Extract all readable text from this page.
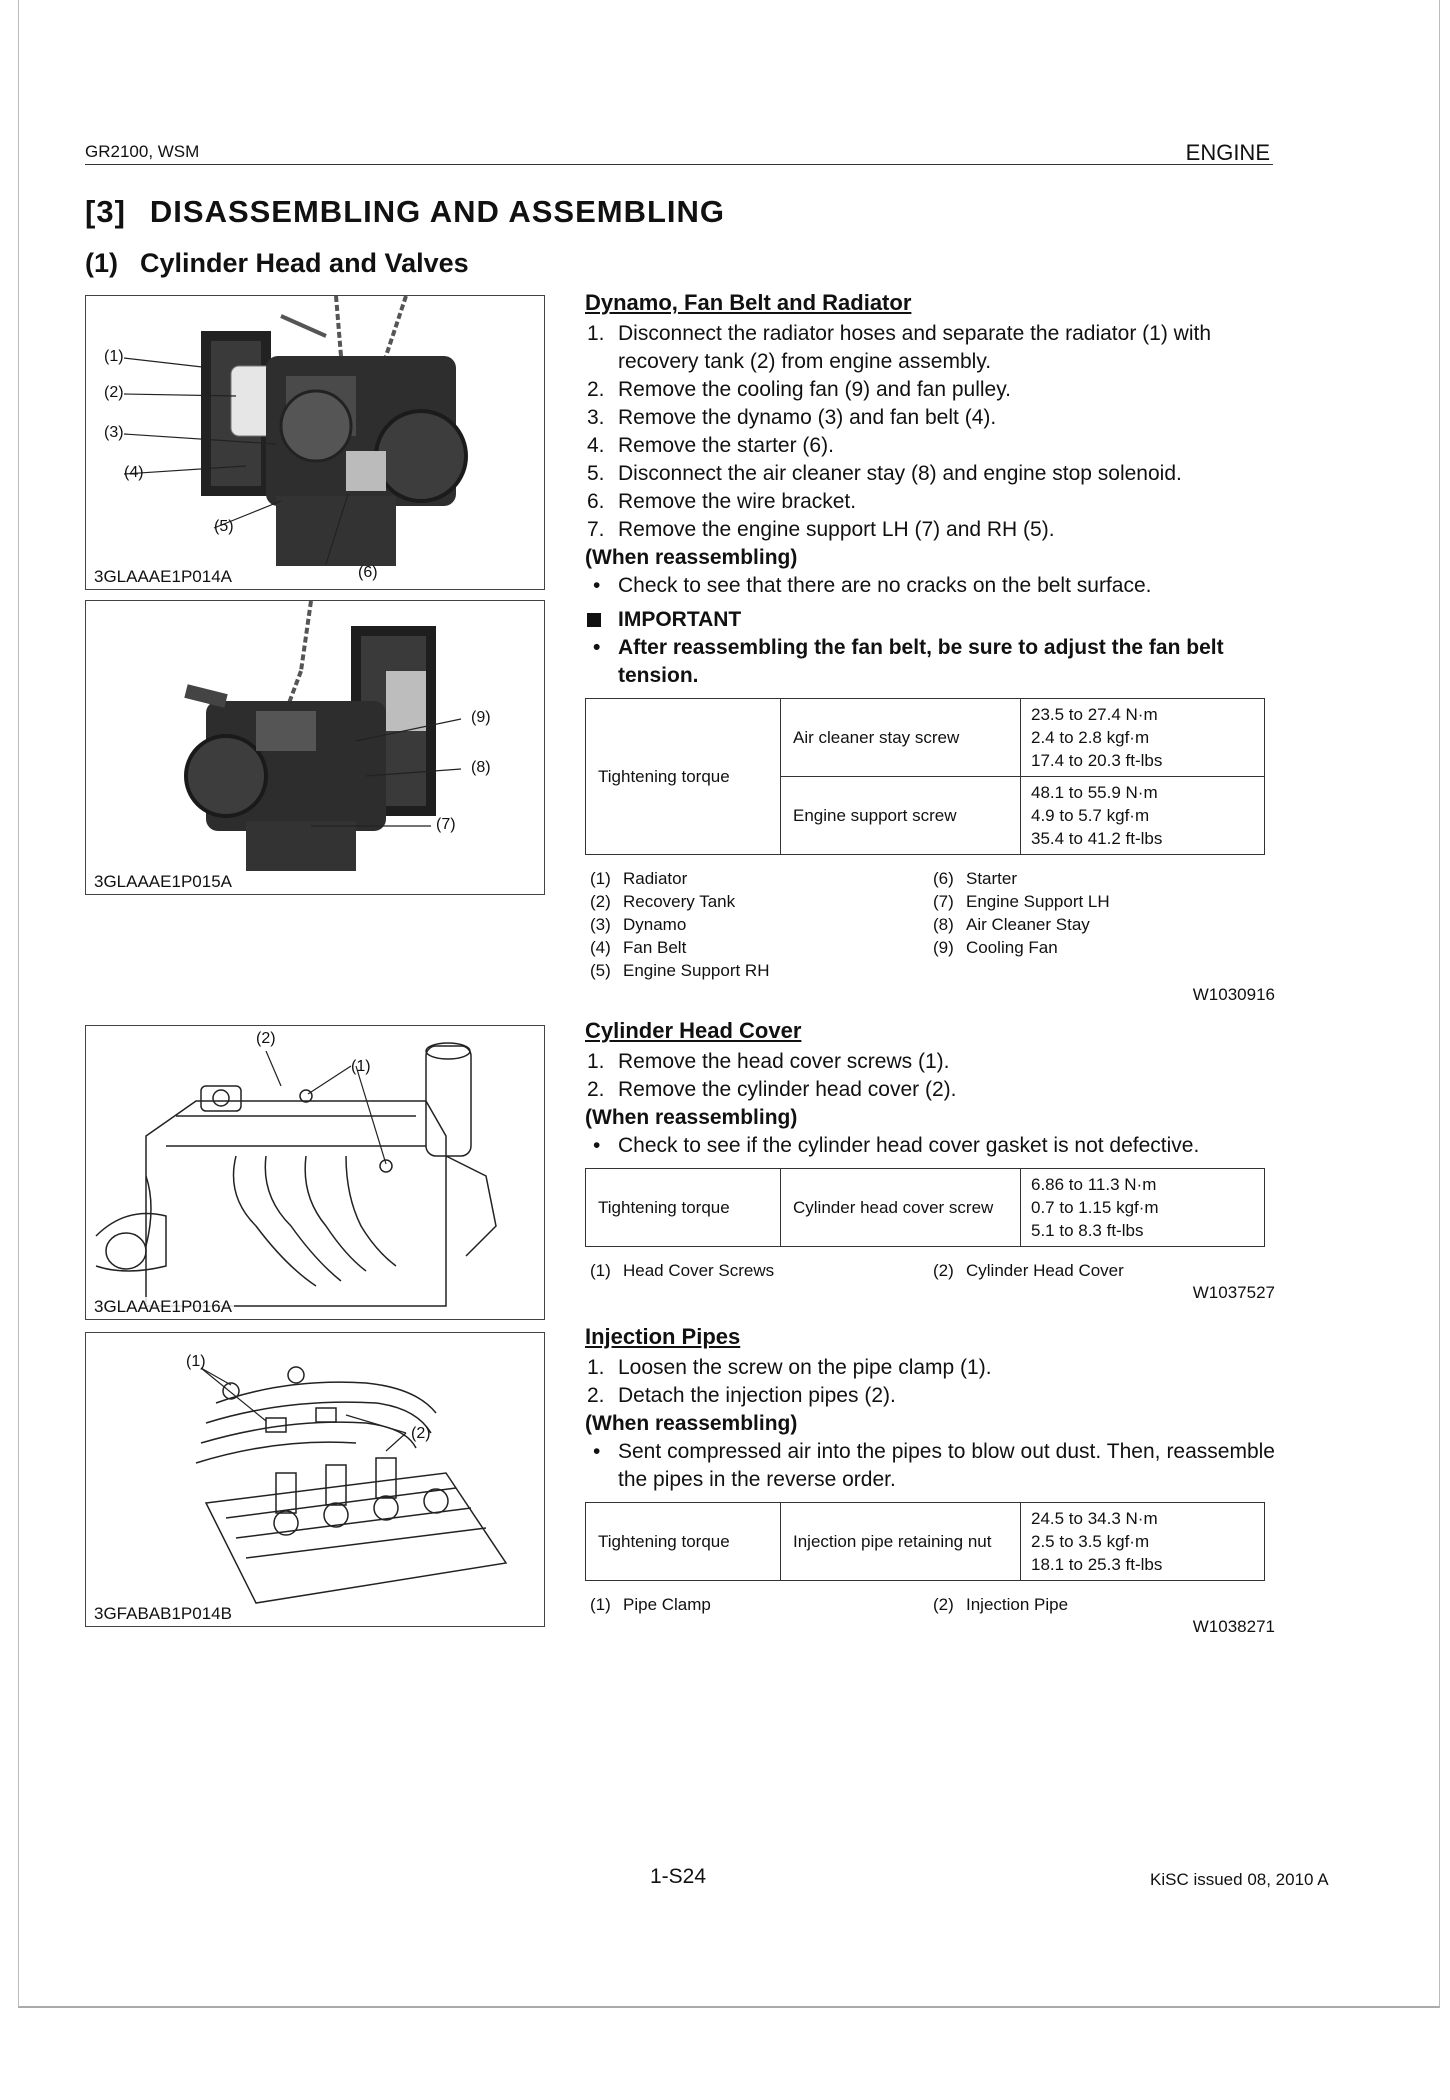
GR2100, WSM	ENGINE
[3] DISASSEMBLING AND ASSEMBLING
(1) Cylinder Head and Valves
(1)
(2)
(3)
(4)
(5)
(6)
3GLAAAE1P014A
(9)
(8)
(7)
3GLAAAE1P015A
(2)
(1)
3GLAAAE1P016A
(1)
(2)
3GFABAB1P014B
Dynamo, Fan Belt and Radiator
1. Disconnect the radiator hoses and separate the radiator (1) with recovery tank (2) from engine assembly.
2. Remove the cooling fan (9) and fan pulley.
3. Remove the dynamo (3) and fan belt (4).
4. Remove the starter (6).
5. Disconnect the air cleaner stay (8) and engine stop solenoid.
6. Remove the wire bracket.
7. Remove the engine support LH (7) and RH (5).
(When reassembling)
• Check to see that there are no cracks on the belt surface.
IMPORTANT
• After reassembling the fan belt, be sure to adjust the fan belt tension.
Tightening torque	Air cleaner stay screw	23.5 to 27.4 N·m
2.4 to 2.8 kgf·m
17.4 to 20.3 ft-lbs

	Engine support screw	48.1 to 55.9 N·m
4.9 to 5.7 kgf·m
35.4 to 41.2 ft-lbs
(1) Radiator
(2) Recovery Tank
(3) Dynamo
(4) Fan Belt
(5) Engine Support RH
(6) Starter
(7) Engine Support LH
(8) Air Cleaner Stay
(9) Cooling Fan
W1030916
Cylinder Head Cover
1. Remove the head cover screws (1).
2. Remove the cylinder head cover (2).
(When reassembling)
• Check to see if the cylinder head cover gasket is not defective.
Tightening torque	Cylinder head cover screw	
6.86 to 11.3 N·m
0.7 to 1.15 kgf·m
5.1 to 8.3 ft-lbs
(1) Head Cover Screws	(2) Cylinder Head Cover
W1037527
Injection Pipes
1. Loosen the screw on the pipe clamp (1).
2. Detach the injection pipes (2).
(When reassembling)
• Sent compressed air into the pipes to blow out dust. Then, reassemble the pipes in the reverse order.
Tightening torque	Injection pipe retaining nut	
24.5 to 34.3 N·m
2.5 to 3.5 kgf·m
18.1 to 25.3 ft-lbs
(1) Pipe Clamp	(2) Injection Pipe
W1038271
1-S24	KiSC issued 08, 2010 A
